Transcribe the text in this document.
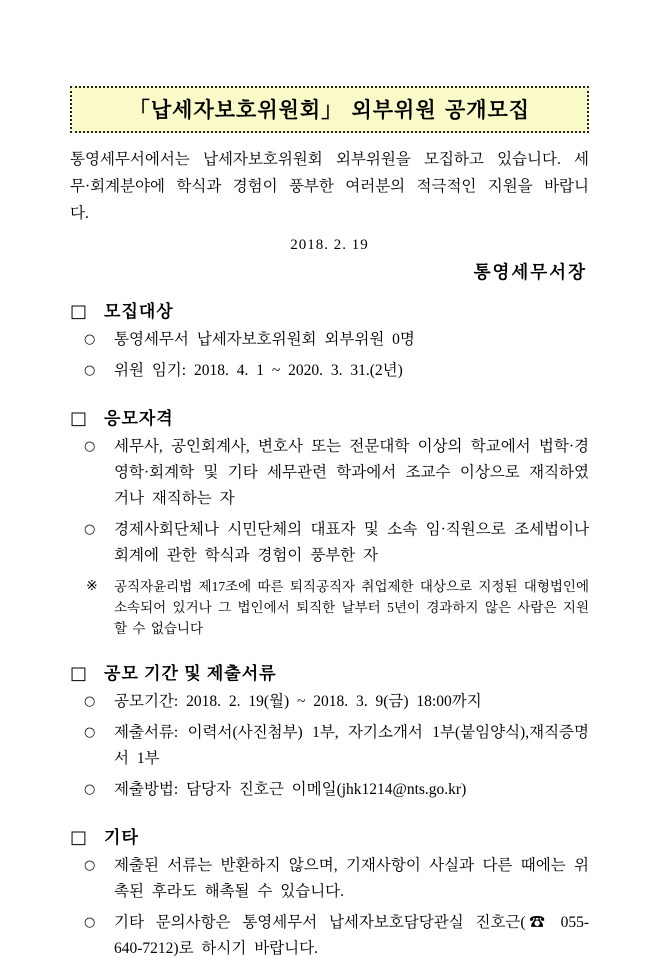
「납세자보호위원회」 외부위원 공개모집
통영세무서에서는 납세자보호위원회 외부위원을 모집하고 있습니다. 세무·회계분야에 학식과 경험이 풍부한 여러분의 적극적인 지원을 바랍니다.
2018. 2. 19
통영세무서장
□ 모집대상
○	통영세무서 납세자보호위원회 외부위원 0명
○	위원 임기: 2018. 4. 1 ~ 2020. 3. 31.(2년)
□ 응모자격
○	세무사, 공인회계사, 변호사 또는 전문대학 이상의 학교에서 법학·경영학·회계학 및 기타 세무관련 학과에서 조교수 이상으로 재직하였거나 재직하는 자
○	경제사회단체나 시민단체의 대표자 및 소속 임·직원으로 조세법이나 회계에 관한 학식과 경험이 풍부한 자
※	공직자윤리법 제17조에 따른 퇴직공직자 취업제한 대상으로 지정된 대형법인에 소속되어 있거나 그 법인에서 퇴직한 날부터 5년이 경과하지 않은 사람은 지원할 수 없습니다
□ 공모 기간 및 제출서류
○	공모기간: 2018. 2. 19(월) ~ 2018. 3. 9(금) 18:00까지
○	제출서류: 이력서(사진첨부) 1부, 자기소개서 1부(붙임양식),재직증명서 1부
○	제출방법: 담당자 진호근 이메일(jhk1214@nts.go.kr)
□ 기타
○	제출된 서류는 반환하지 않으며, 기재사항이 사실과 다른 때에는 위촉된 후라도 해촉될 수 있습니다.
○	기타 문의사항은 통영세무서 납세자보호담당관실 진호근(☎ 055-640-7212)로 하시기 바랍니다.
